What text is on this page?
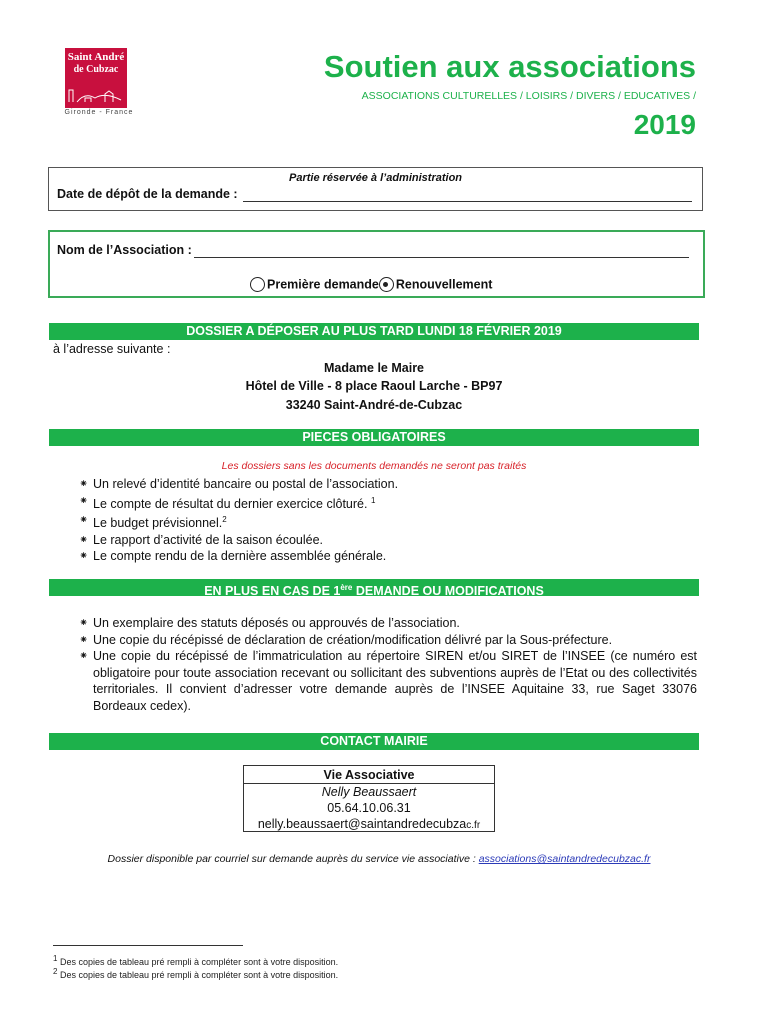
Saint André
de Cubzac
Gironde - France
Soutien aux associations
ASSOCIATIONS CULTURELLES / LOISIRS / DIVERS / EDUCATIVES /
2019
Partie réservée à l’administration
Date de dépôt de la demande :
Nom de l’Association :
Première demande Renouvellement
DOSSIER A DÉPOSER AU PLUS TARD LUNDI 18 FÉVRIER 2019
à l’adresse suivante :
Madame le Maire
Hôtel de Ville - 8 place Raoul Larche - BP97
33240 Saint-André-de-Cubzac
PIECES OBLIGATOIRES
Les dossiers sans les documents demandés ne seront pas traités
⁕ Un relevé d’identité bancaire ou postal de l’association.
⁕ Le compte de résultat du dernier exercice clôturé. $^1$
⁕ Le budget prévisionnel.$^2$
⁕ Le rapport d’activité de la saison écoulée.
⁕ Le compte rendu de la dernière assemblée générale.
EN PLUS EN CAS DE 1ère DEMANDE OU MODIFICATIONS
⁕ Un exemplaire des statuts déposés ou approuvés de l’association.
⁕ Une copie du récépissé de déclaration de création/modification délivré par la Sous-préfecture.
⁕ Une copie du récépissé de l’immatriculation au répertoire SIREN et/ou SIRET de l’INSEE (ce numéro est obligatoire pour toute association recevant ou sollicitant des subventions auprès de l’Etat ou des collectivités territoriales. Il convient d’adresser votre demande auprès de l’INSEE Aquitaine 33, rue Saget 33076 Bordeaux cedex).
CONTACT MAIRIE
Vie Associative
Nelly Beaussaert
05.64.10.06.31
nelly.beaussaert@saintandredecubzac.fr
Dossier disponible par courriel sur demande auprès du service vie associative : associations@saintandredecubzac.fr
$^1$ Des copies de tableau pré rempli à compléter sont à votre disposition.
$^2$ Des copies de tableau pré rempli à compléter sont à votre disposition.
